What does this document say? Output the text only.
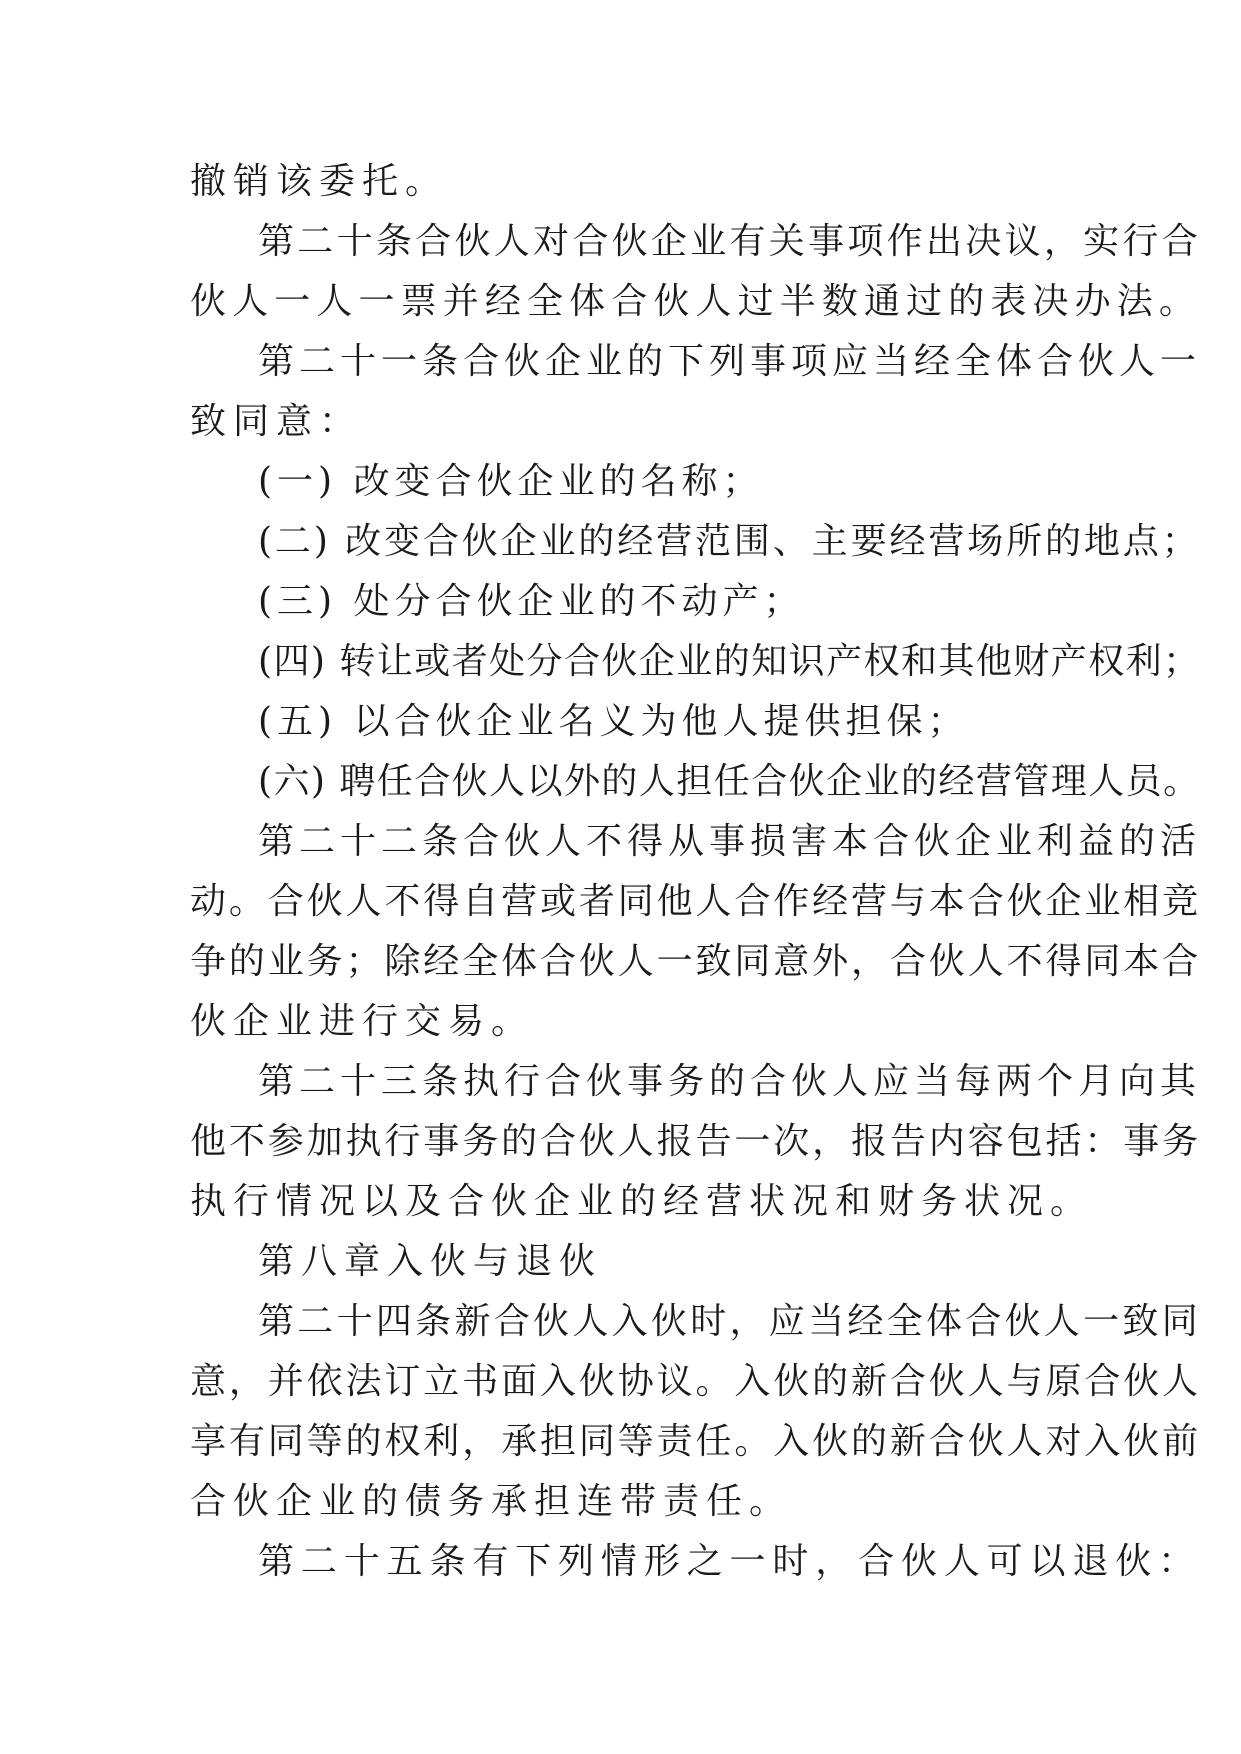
撤销该委托。
第二十条合伙人对合伙企业有关事项作出决议，实行合
伙人一人一票并经全体合伙人过半数通过的表决办法。
第二十一条合伙企业的下列事项应当经全体合伙人一
致同意：
(一) 改变合伙企业的名称；
(二) 改变合伙企业的经营范围、主要经营场所的地点；
(三) 处分合伙企业的不动产；
(四) 转让或者处分合伙企业的知识产权和其他财产权利；
(五) 以合伙企业名义为他人提供担保；
(六) 聘任合伙人以外的人担任合伙企业的经营管理人员。
第二十二条合伙人不得从事损害本合伙企业利益的活
动。合伙人不得自营或者同他人合作经营与本合伙企业相竞
争的业务；除经全体合伙人一致同意外，合伙人不得同本合
伙企业进行交易。
第二十三条执行合伙事务的合伙人应当每两个月向其
他不参加执行事务的合伙人报告一次，报告内容包括：事务
执行情况以及合伙企业的经营状况和财务状况。
第八章入伙与退伙
第二十四条新合伙人入伙时，应当经全体合伙人一致同
意，并依法订立书面入伙协议。入伙的新合伙人与原合伙人
享有同等的权利，承担同等责任。入伙的新合伙人对入伙前
合伙企业的债务承担连带责任。
第二十五条有下列情形之一时，合伙人可以退伙：
